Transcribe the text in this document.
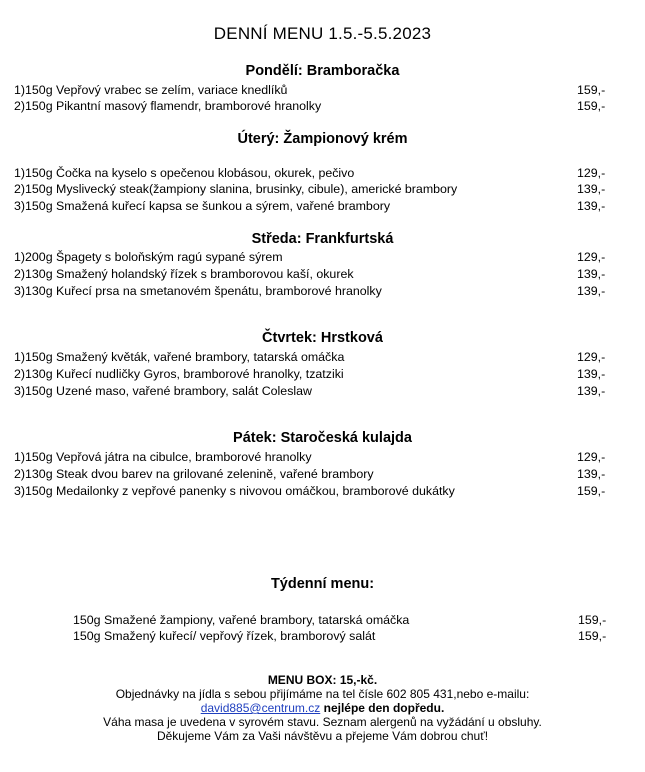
DENNÍ MENU 1.5.-5.5.2023
Pondělí: Bramboračka
1)150g Vepřový vrabec se zelím, variace knedlíků	159,-
2)150g Pikantní masový flamendr, bramborové hranolky	159,-
Úterý: Žampionový krém
1)150g Čočka na kyselo s opečenou klobásou, okurek, pečivo	129,-
2)150g Myslivecký steak(žampiony slanina, brusinky, cibule), americké brambory	139,-
3)150g Smažená kuřecí kapsa se šunkou a sýrem, vařené brambory	139,-
Středa: Frankfurtská
1)200g Špagety s boloňským ragú sypané sýrem	129,-
2)130g Smažený holandský řízek s bramborovou kaší, okurek	139,-
3)130g Kuřecí prsa na smetanovém špenátu, bramborové hranolky	139,-
Čtvrtek: Hrstková
1)150g Smažený květák, vařené brambory, tatarská omáčka	129,-
2)130g Kuřecí nudličky Gyros, bramborové hranolky, tzatziki	139,-
3)150g Uzené maso, vařené brambory, salát Coleslaw	139,-
Pátek: Staročeská kulajda
1)150g Vepřová játra na cibulce, bramborové hranolky	129,-
2)130g Steak dvou barev na grilované zelenině, vařené brambory	139,-
3)150g Medailonky z vepřové panenky s nivovou omáčkou, bramborové dukátky	159,-
Týdenní menu:
150g Smažené žampiony, vařené brambory, tatarská omáčka	159,-
150g Smažený kuřecí/ vepřový řízek, bramborový salát	159,-
MENU BOX: 15,-kč.
Objednávky na jídla s sebou přijímáme na tel čísle 602 805 431,nebo e-mailu:
david885@centrum.cz nejlépe den dopředu.
Váha masa je uvedena v syrovém stavu. Seznam alergenů na vyžádání u obsluhy.
Děkujeme Vám za Vaši návštěvu a přejeme Vám dobrou chuť!
